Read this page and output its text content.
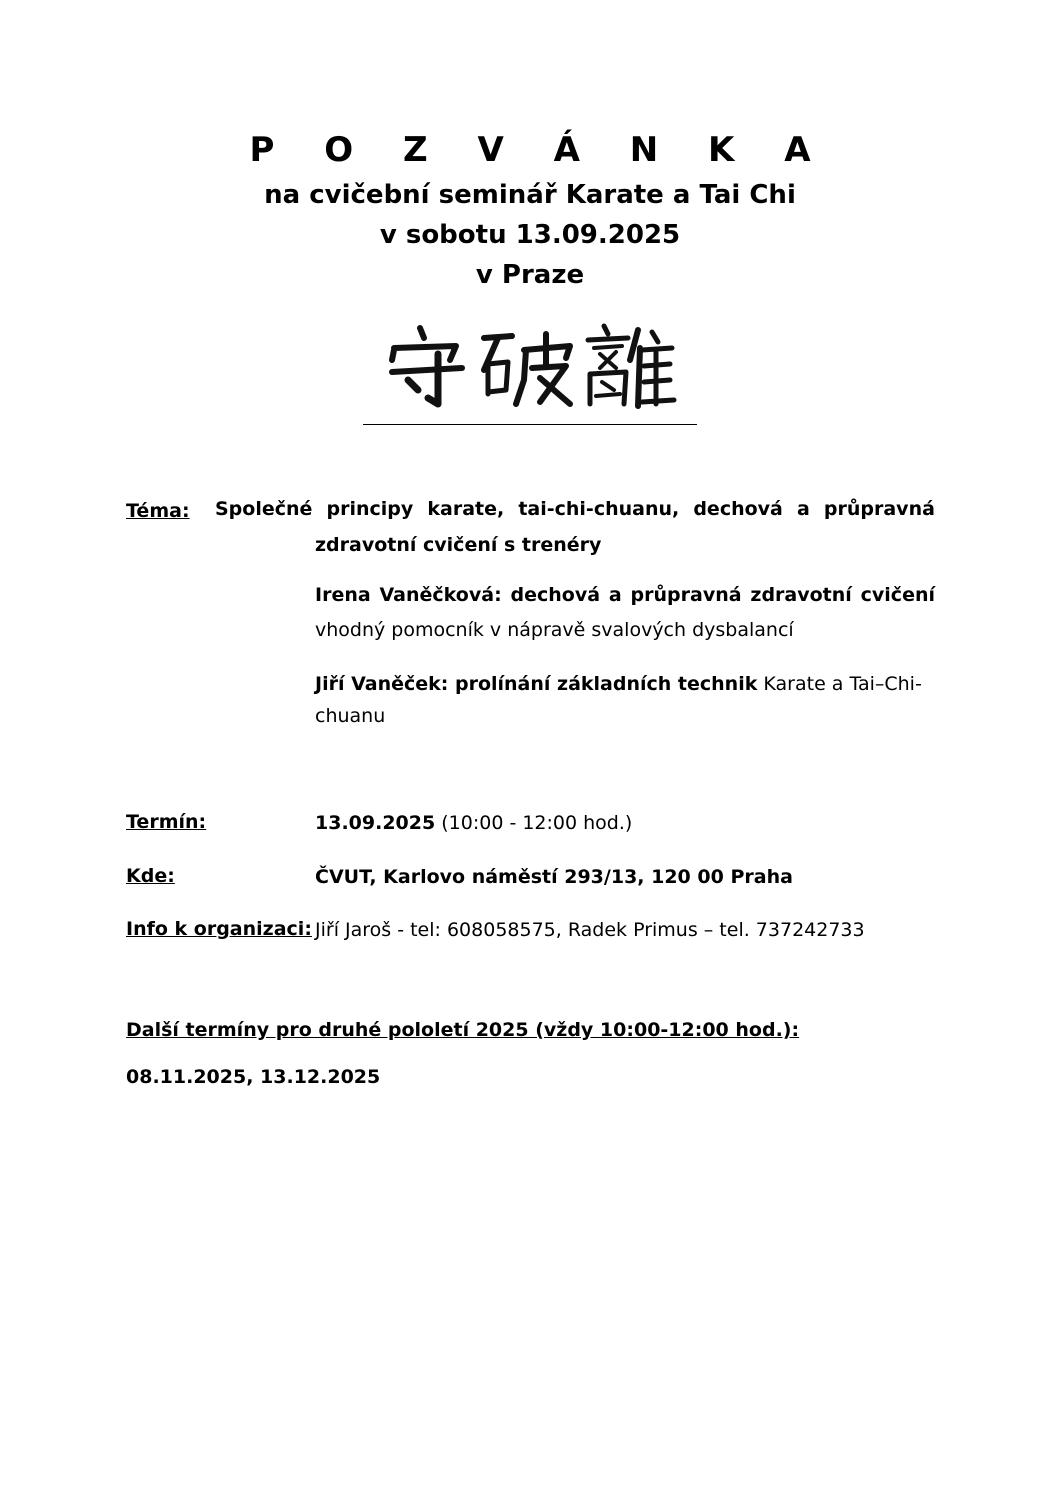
P O Z V Á N K A
na cvičební seminář Karate a Tai Chi
v sobotu 13.09.2025
v Praze
Téma: Společné principy karate, tai-chi-chuanu, dechová a průpravná
zdravotní cvičení s trenéry
Irena Vaněčková: dechová a průpravná zdravotní cvičení
vhodný pomocník v nápravě svalových dysbalancí
Jiří Vaněček: prolínání základních technik Karate a Tai–Chi-
chuanu
Termín:	13.09.2025 (10:00 - 12:00 hod.)
Kde:	ČVUT, Karlovo náměstí 293/13, 120 00 Praha
Info k organizaci: Jiří Jaroš - tel: 608058575, Radek Primus – tel. 737242733
Další termíny pro druhé pololetí 2025 (vždy 10:00-12:00 hod.):
08.11.2025, 13.12.2025
